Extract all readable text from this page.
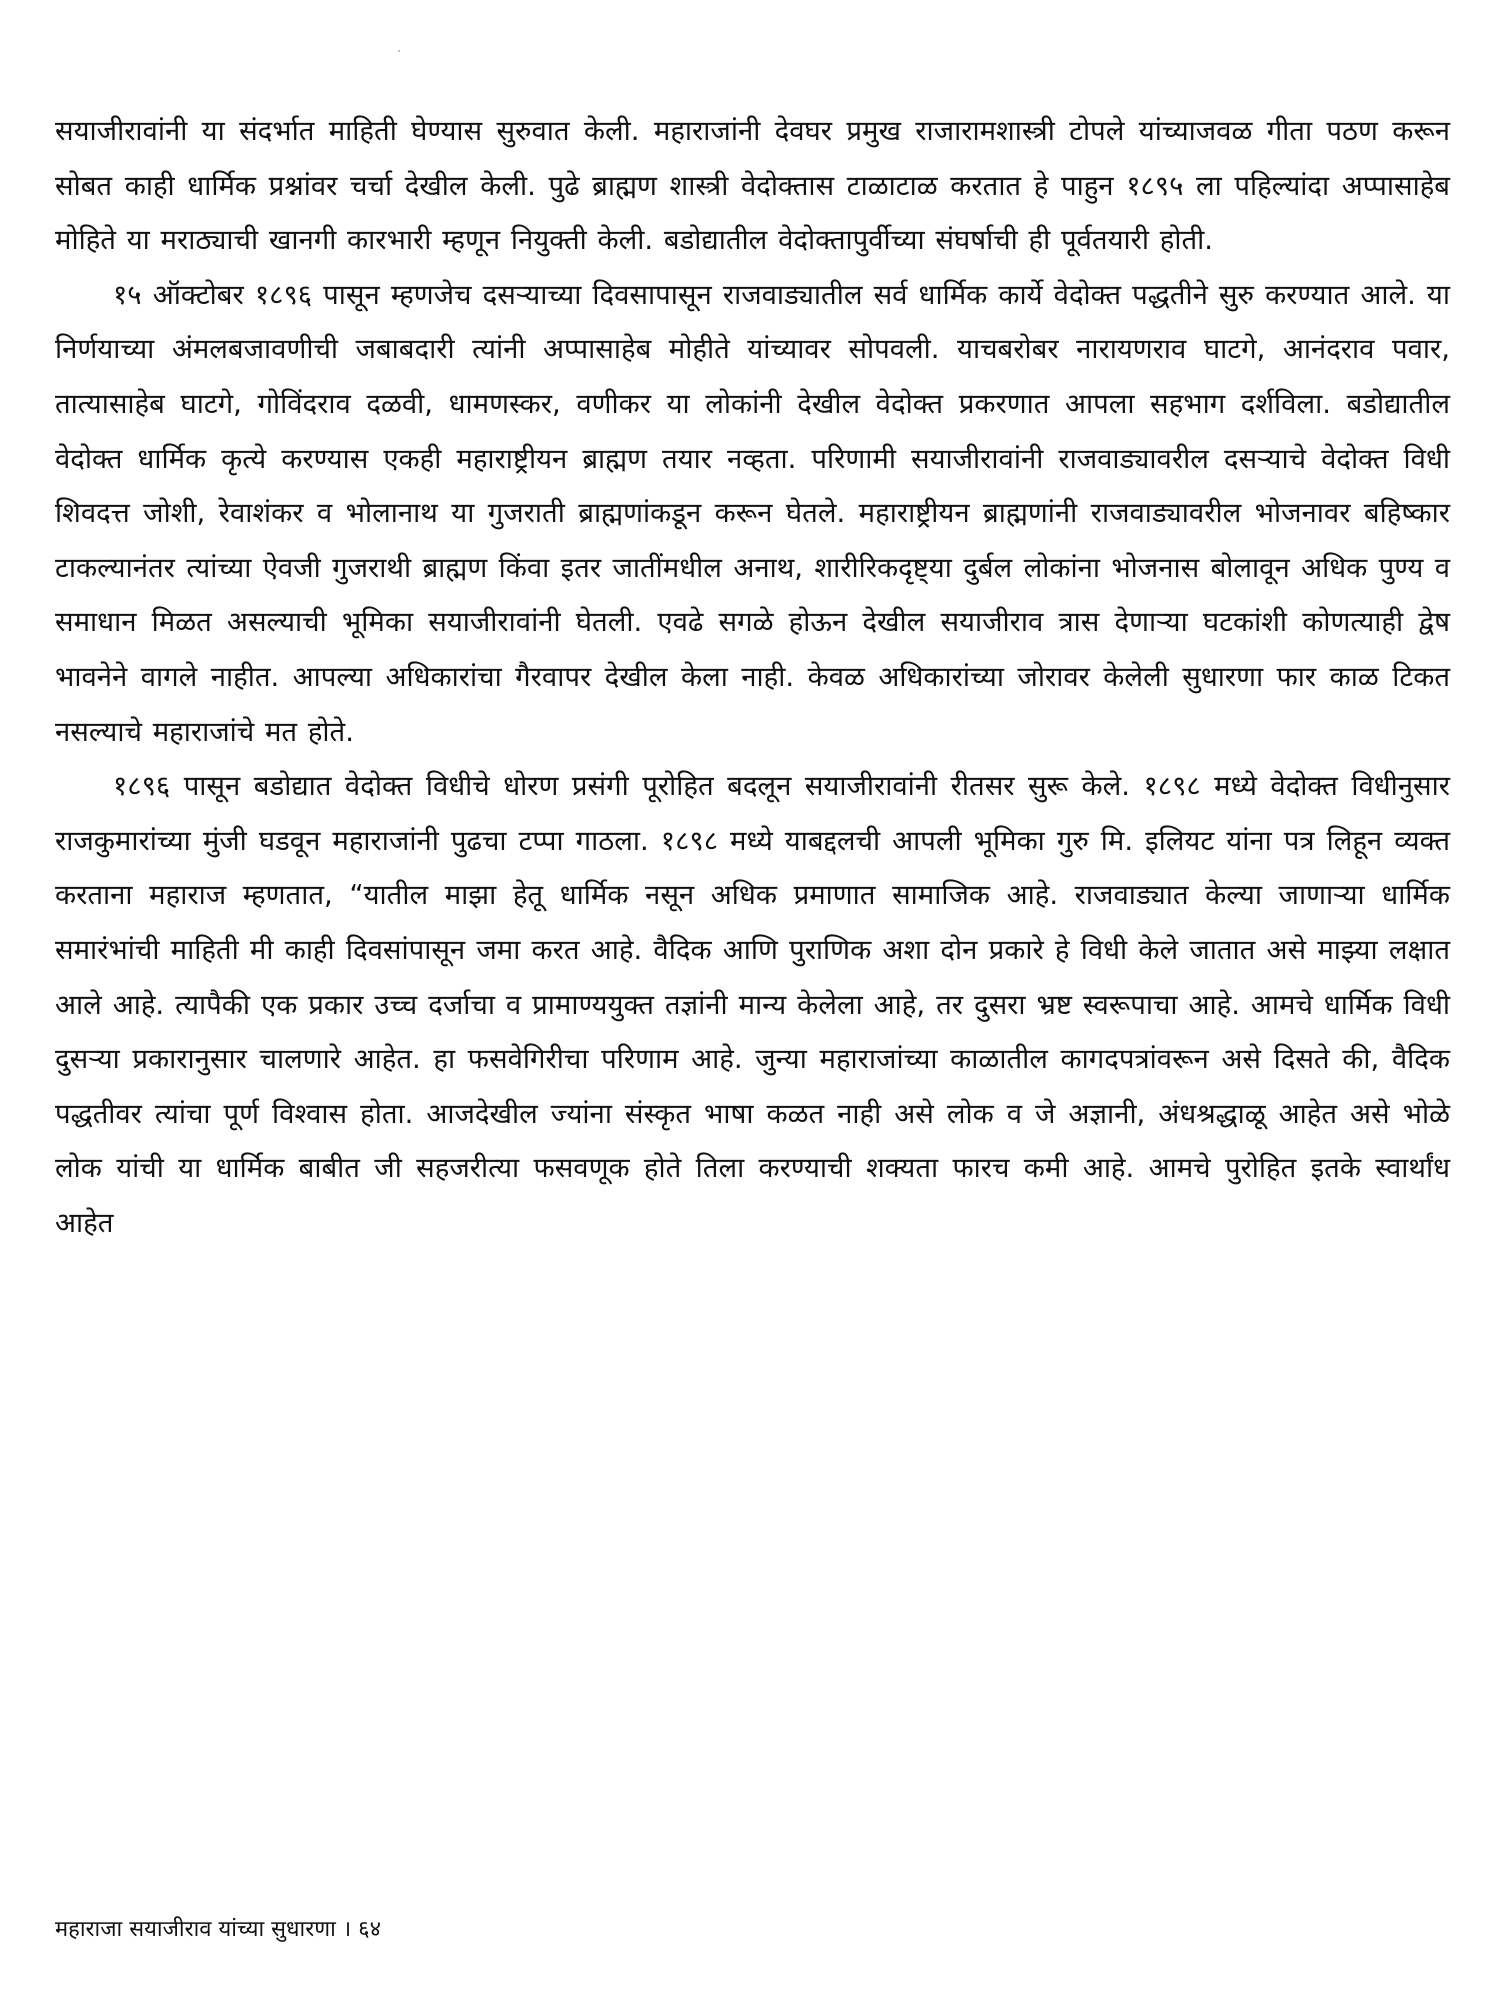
सयाजीरावांनी या संदर्भात माहिती घेण्यास सुरुवात केली. महाराजांनी देवघर प्रमुख राजारामशास्त्री टोपले यांच्याजवळ गीता पठण करून सोबत काही धार्मिक प्रश्नांवर चर्चा देखील केली. पुढे ब्राह्मण शास्त्री वेदोक्तास टाळाटाळ करतात हे पाहुन १८९५ ला पहिल्यांदा अप्पासाहेब मोहिते या मराठ्याची खानगी कारभारी म्हणून नियुक्ती केली. बडोद्यातील वेदोक्तापुर्वीच्या संघर्षाची ही पूर्वतयारी होती.

१५ ऑक्टोबर १८९६ पासून म्हणजेच दसऱ्याच्या दिवसापासून राजवाड्यातील सर्व धार्मिक कार्ये वेदोक्त पद्धतीने सुरु करण्यात आले. या निर्णयाच्या अंमलबजावणीची जबाबदारी त्यांनी अप्पासाहेब मोहीते यांच्यावर सोपवली. याचबरोबर नारायणराव घाटगे, आनंदराव पवार, तात्यासाहेब घाटगे, गोविंदराव दळवी, धामणस्कर, वणीकर या लोकांनी देखील वेदोक्त प्रकरणात आपला सहभाग दर्शविला. बडोद्यातील वेदोक्त धार्मिक कृत्ये करण्यास एकही महाराष्ट्रीयन ब्राह्मण तयार नव्हता. परिणामी सयाजीरावांनी राजवाड्यावरील दसऱ्याचे वेदोक्त विधी शिवदत्त जोशी, रेवाशंकर व भोलानाथ या गुजराती ब्राह्मणांकडून करून घेतले. महाराष्ट्रीयन ब्राह्मणांनी राजवाड्यावरील भोजनावर बहिष्कार टाकल्यानंतर त्यांच्या ऐवजी गुजराथी ब्राह्मण किंवा इतर जातींमधील अनाथ, शारीरिकदृष्ट्या दुर्बल लोकांना भोजनास बोलावून अधिक पुण्य व समाधान मिळत असल्याची भूमिका सयाजीरावांनी घेतली. एवढे सगळे होऊन देखील सयाजीराव त्रास देणाऱ्या घटकांशी कोणत्याही द्वेष भावनेने वागले नाहीत. आपल्या अधिकारांचा गैरवापर देखील केला नाही. केवळ अधिकारांच्या जोरावर केलेली सुधारणा फार काळ टिकत नसल्याचे महाराजांचे मत होते.

१८९६ पासून बडोद्यात वेदोक्त विधीचे धोरण प्रसंगी पूरोहित बदलून सयाजीरावांनी रीतसर सुरू केले. १८९८ मध्ये वेदोक्त विधीनुसार राजकुमारांच्या मुंजी घडवून महाराजांनी पुढचा टप्पा गाठला. १८९८ मध्ये याबद्दलची आपली भूमिका गुरु मि. इलियट यांना पत्र लिहून व्यक्त करताना महाराज म्हणतात, “यातील माझा हेतू धार्मिक नसून अधिक प्रमाणात सामाजिक आहे. राजवाड्यात केल्या जाणाऱ्या धार्मिक समारंभांची माहिती मी काही दिवसांपासून जमा करत आहे. वैदिक आणि पुराणिक अशा दोन प्रकारे हे विधी केले जातात असे माझ्या लक्षात आले आहे. त्यापैकी एक प्रकार उच्च दर्जाचा व प्रामाण्ययुक्त तज्ञांनी मान्य केलेला आहे, तर दुसरा भ्रष्ट स्वरूपाचा आहे. आमचे धार्मिक विधी दुसऱ्या प्रकारानुसार चालणारे आहेत. हा फसवेगिरीचा परिणाम आहे. जुन्या महाराजांच्या काळातील कागदपत्रांवरून असे दिसते की, वैदिक पद्धतीवर त्यांचा पूर्ण विश्वास होता. आजदेखील ज्यांना संस्कृत भाषा कळत नाही असे लोक व जे अज्ञानी, अंधश्रद्धाळू आहेत असे भोळे लोक यांची या धार्मिक बाबीत जी सहजरीत्या फसवणूक होते तिला करण्याची शक्यता फारच कमी आहे. आमचे पुरोहित इतके स्वार्थांध आहेत

महाराजा सयाजीराव यांच्या सुधारणा । ६४
